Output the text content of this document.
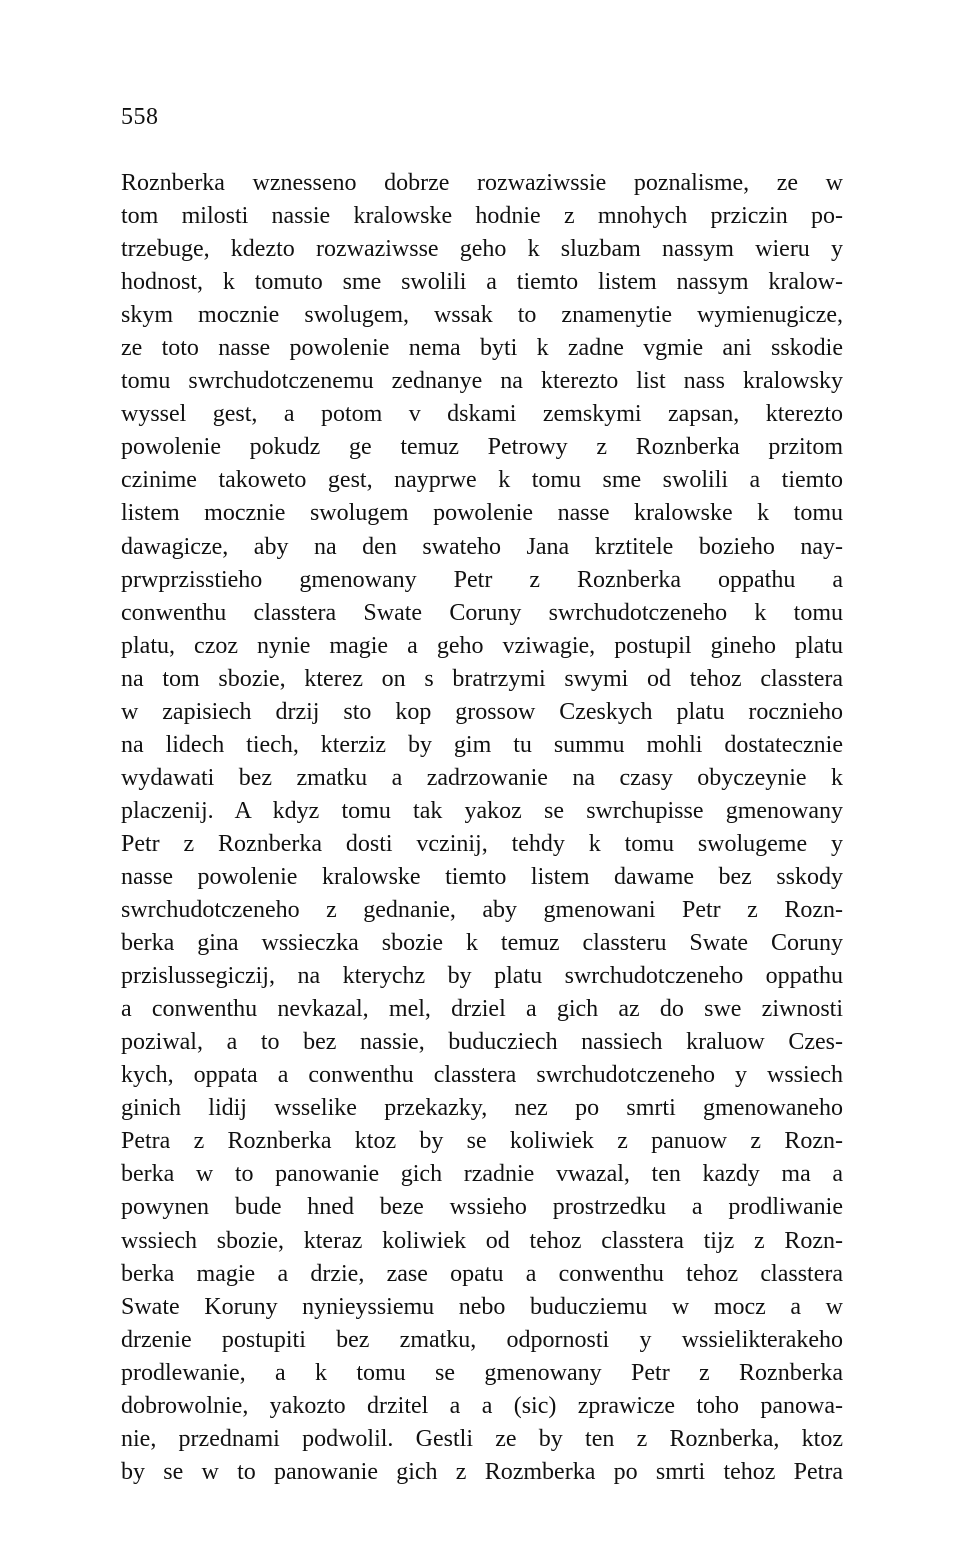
558
Roznberka wznesseno dobrze rozwaziwssie poznalisme, ze w
tom milosti nassie kralowske hodnie z mnohych prziczin po-
trzebuge, kdezto rozwaziwsse geho k sluzbam nassym wieru y
hodnost, k tomuto sme swolili a tiemto listem nassym kralow-
skym mocznie swolugem, wssak to znamenytie wymienugicze,
ze toto nasse powolenie nema byti k zadne vgmie ani sskodie
tomu swrchudotczenemu zednanye na kterezto list nass kralowsky
wyssel gest, a potom v dskami zemskymi zapsan, kterezto
powolenie pokudz ge temuz Petrowy z Roznberka przitom
czinime takoweto gest, nayprwe k tomu sme swolili a tiemto
listem mocznie swolugem powolenie nasse kralowske k tomu
dawagicze, aby na den swateho Jana krztitele bozieho nay-
prwprzisstieho gmenowany Petr z Roznberka oppathu a
conwenthu classtera Swate Coruny swrchudotczeneho k tomu
platu, czoz nynie magie a geho vziwagie, postupil gineho platu
na tom sbozie, kterez on s bratrzymi swymi od tehoz classtera
w zapisiech drzij sto kop grossow Czeskych platu rocznieho
na lidech tiech, kterziz by gim tu summu mohli dostatecznie
wydawati bez zmatku a zadrzowanie na czasy obyczeynie k
placzenij. A kdyz tomu tak yakoz se swrchupisse gmenowany
Petr z Roznberka dosti vczinij, tehdy k tomu swolugeme y
nasse powolenie kralowske tiemto listem dawame bez sskody
swrchudotczeneho z gednanie, aby gmenowani Petr z Rozn-
berka gina wssieczka sbozie k temuz classteru Swate Coruny
przislussegiczij, na kterychz by platu swrchudotczeneho oppathu
a conwenthu nevkazal, mel, drziel a gich az do swe ziwnosti
poziwal, a to bez nassie, buducziech nassiech kraluow Czes-
kych, oppata a conwenthu classtera swrchudotczeneho y wssiech
ginich lidij wsselike przekazky, nez po smrti gmenowaneho
Petra z Roznberka ktoz by se koliwiek z panuow z Rozn-
berka w to panowanie gich rzadnie vwazal, ten kazdy ma a
powynen bude hned beze wssieho prostrzedku a prodliwanie
wssiech sbozie, kteraz koliwiek od tehoz classtera tijz z Rozn-
berka magie a drzie, zase opatu a conwenthu tehoz classtera
Swate Koruny nynieyssiemu nebo buducziemu w mocz a w
drzenie postupiti bez zmatku, odpornosti y wssielikterakeho
prodlewanie, a k tomu se gmenowany Petr z Roznberka
dobrowolnie, yakozto drzitel a a (sic) zprawicze toho panowa-
nie, przednami podwolil. Gestli ze by ten z Roznberka, ktoz
by se w to panowanie gich z Rozmberka po smrti tehoz Petra
